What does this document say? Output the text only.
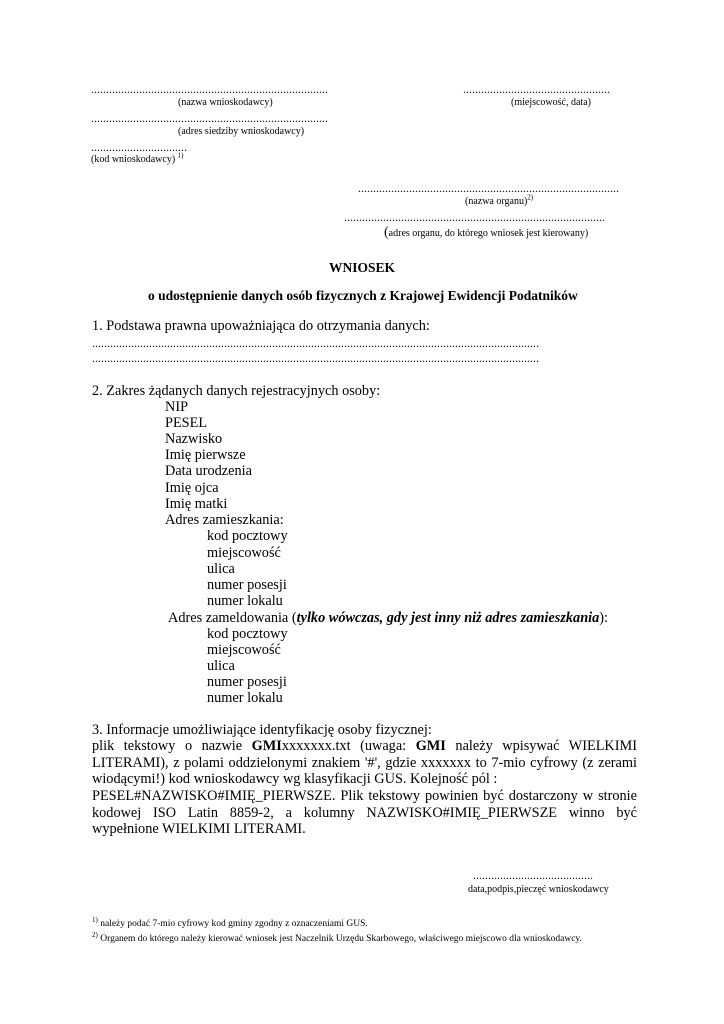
...............................................................................
(nazwa wnioskodawcy)
.................................................
(miejscowość, data)
...............................................................................
(adres siedziby wnioskodawcy)
................................
(kod wnioskodawcy) $^{1)}$
.......................................................................................
(nazwa organu)$^{2)}$
.......................................................................................
(adres organu, do którego wniosek jest kierowany)
WNIOSEK
o udostępnienie danych osób fizycznych z Krajowej Ewidencji Podatników
1. Podstawa prawna upoważniająca do otrzymania danych:
.....................................................................................................................................................
.....................................................................................................................................................
2. Zakres żądanych danych rejestracyjnych osoby:
NIP
PESEL
Nazwisko
Imię pierwsze
Data urodzenia
Imię ojca
Imię matki
Adres zamieszkania:
kod pocztowy
miejscowość
ulica
numer posesji
numer lokalu
Adres zameldowania (tylko wówczas, gdy jest inny niż adres zamieszkania):
kod pocztowy
miejscowość
ulica
numer posesji
numer lokalu
3. Informacje umożliwiające identyfikację osoby fizycznej:
plik tekstowy o nazwie GMIxxxxxxx.txt (uwaga: GMI należy wpisywać WIELKIMI LITERAMI), z polami oddzielonymi znakiem '#', gdzie xxxxxxx to 7-mio cyfrowy (z zerami wiodącymi!) kod wnioskodawcy wg klasyfikacji GUS. Kolejność pól :
PESEL#NAZWISKO#IMIĘ_PIERWSZE. Plik tekstowy powinien być dostarczony w stronie kodowej ISO Latin 8859-2, a kolumny NAZWISKO#IMIĘ_PIERWSZE winno być wypełnione WIELKIMI LITERAMI.
........................................
data,podpis,pieczęć wnioskodawcy
$^{1)}$ należy podać 7-mio cyfrowy kod gminy zgodny z oznaczeniami GUS.
$^{2)}$ Organem do którego należy kierować wniosek jest Naczelnik Urzędu Skarbowego, właściwego miejscowo dla wnioskodawcy.
